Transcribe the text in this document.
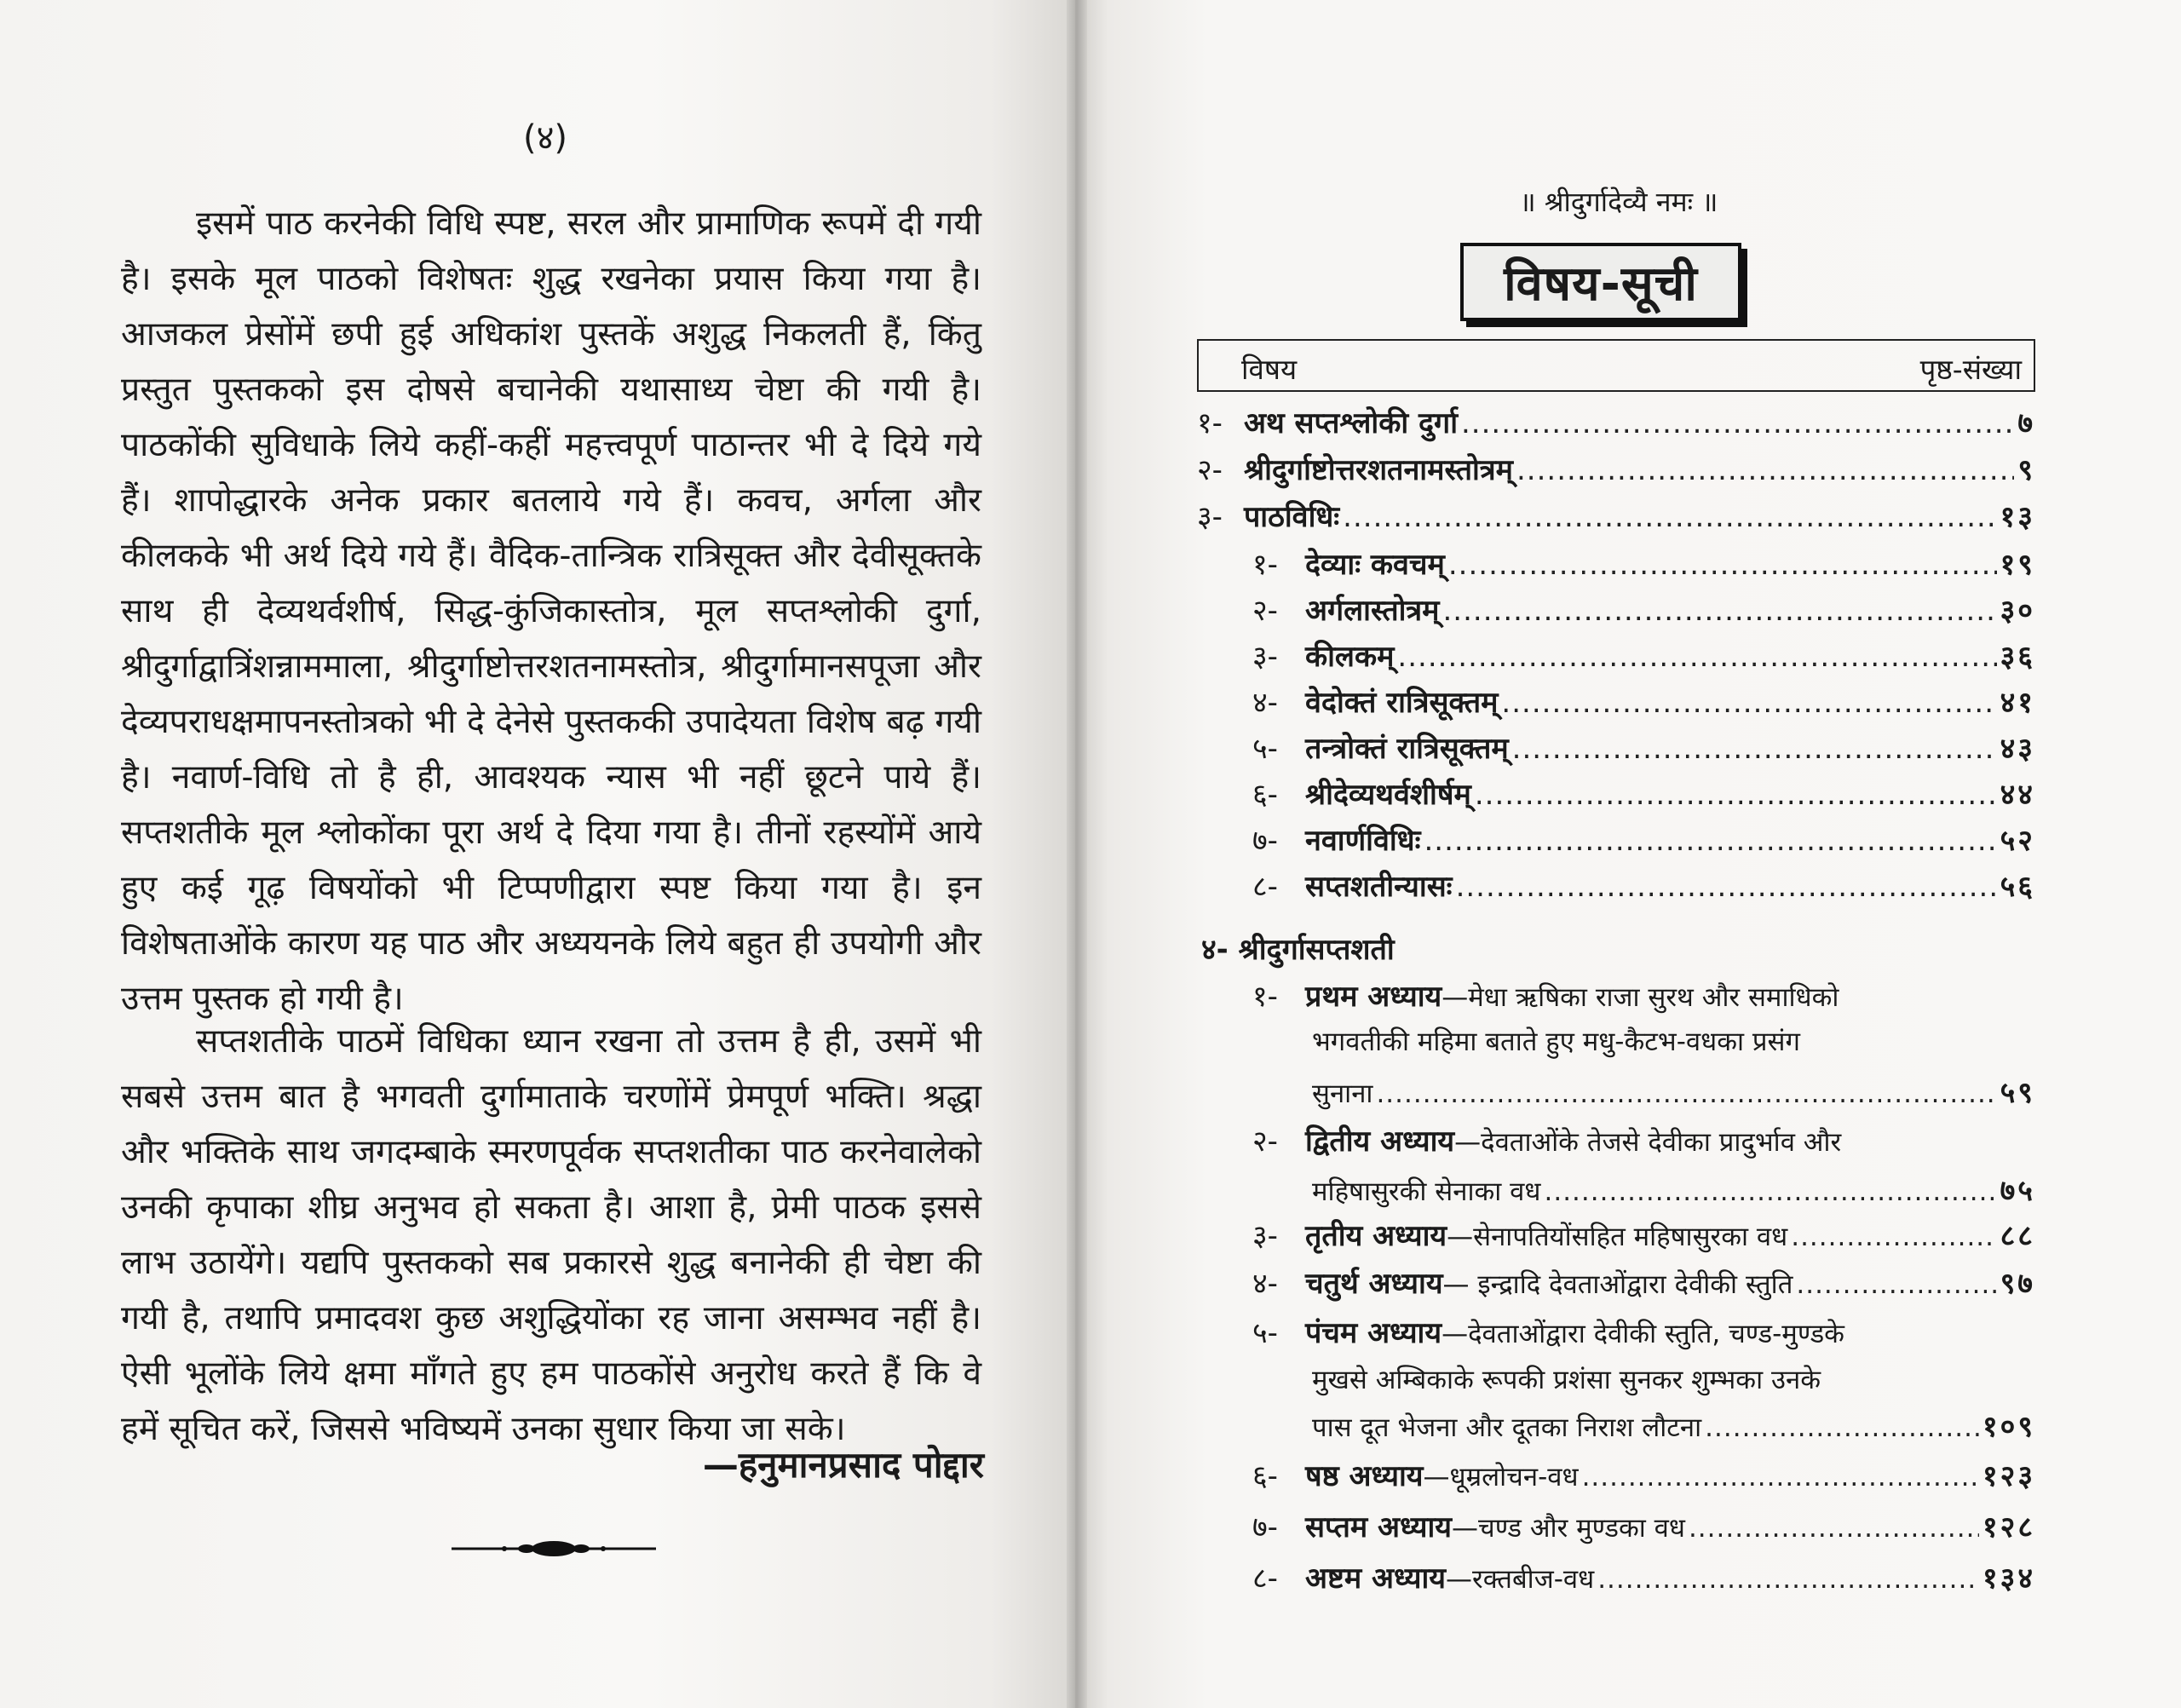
(४)

इसमें पाठ करनेकी विधि स्पष्ट, सरल और प्रामाणिक रूपमें दी गयी है। इसके मूल पाठको विशेषतः शुद्ध रखनेका प्रयास किया गया है। आजकल प्रेसोंमें छपी हुई अधिकांश पुस्तकें अशुद्ध निकलती हैं, किंतु प्रस्तुत पुस्तकको इस दोषसे बचानेकी यथासाध्य चेष्टा की गयी है। पाठकोंकी सुविधाके लिये कहीं-कहीं महत्त्वपूर्ण पाठान्तर भी दे दिये गये हैं। शापोद्धारके अनेक प्रकार बतलाये गये हैं। कवच, अर्गला और कीलकके भी अर्थ दिये गये हैं। वैदिक-तान्त्रिक रात्रिसूक्त और देवीसूक्तके साथ ही देव्यथर्वशीर्ष, सिद्ध-कुंजिकास्तोत्र, मूल सप्तश्लोकी दुर्गा, श्रीदुर्गाद्वात्रिंशन्नाममाला, श्रीदुर्गाष्टोत्तरशतनामस्तोत्र, श्रीदुर्गामानसपूजा और देव्यपराधक्षमापनस्तोत्रको भी दे देनेसे पुस्तककी उपादेयता विशेष बढ़ गयी है। नवार्ण-विधि तो है ही, आवश्यक न्यास भी नहीं छूटने पाये हैं। सप्तशतीके मूल श्लोकोंका पूरा अर्थ दे दिया गया है। तीनों रहस्योंमें आये हुए कई गूढ़ विषयोंको भी टिप्पणीद्वारा स्पष्ट किया गया है। इन विशेषताओंके कारण यह पाठ और अध्ययनके लिये बहुत ही उपयोगी और उत्तम पुस्तक हो गयी है।

सप्तशतीके पाठमें विधिका ध्यान रखना तो उत्तम है ही, उसमें भी सबसे उत्तम बात है भगवती दुर्गामाताके चरणोंमें प्रेमपूर्ण भक्ति। श्रद्धा और भक्तिके साथ जगदम्बाके स्मरणपूर्वक सप्तशतीका पाठ करनेवालेको उनकी कृपाका शीघ्र अनुभव हो सकता है। आशा है, प्रेमी पाठक इससे लाभ उठायेंगे। यद्यपि पुस्तकको सब प्रकारसे शुद्ध बनानेकी ही चेष्टा की गयी है, तथापि प्रमादवश कुछ अशुद्धियोंका रह जाना असम्भव नहीं है। ऐसी भूलोंके लिये क्षमा माँगते हुए हम पाठकोंसे अनुरोध करते हैं कि वे हमें सूचित करें, जिससे भविष्यमें उनका सुधार किया जा सके।

—हनुमानप्रसाद पोद्दार
॥ श्रीदुर्गादेव्यै नमः ॥
विषय-सूची
विषय	पृष्ठ-संख्या
१- अथ सप्तश्लोकी दुर्गा .....	७
२- श्रीदुर्गाष्टोत्तरशतनामस्तोत्रम् .....	९
३- पाठविधिः .....	१३
१- देव्याः कवचम् .....	१९
२- अर्गलास्तोत्रम् .....	३०
३- कीलकम् .....	३६
४- वेदोक्तं रात्रिसूक्तम् .....	४१
५- तन्त्रोक्तं रात्रिसूक्तम् .....	४३
६- श्रीदेव्यथर्वशीर्षम् .....	४४
७- नवार्णविधिः .....	५२
८- सप्तशतीन्यासः .....	५६
४- श्रीदुर्गासप्तशती
१- प्रथम अध्याय—मेधा ऋषिका राजा सुरथ और समाधिको
भगवतीकी महिमा बताते हुए मधु-कैटभ-वधका प्रसंग
सुनाना .....	५९
२- द्वितीय अध्याय—देवताओंके तेजसे देवीका प्रादुर्भाव और
महिषासुरकी सेनाका वध .....	७५
३- तृतीय अध्याय —सेनापतियोंसहित महिषासुरका वध .....	८८
४- चतुर्थ अध्याय — इन्द्रादि देवताओंद्वारा देवीकी स्तुति .....	९७
५- पंचम अध्याय—देवताओंद्वारा देवीकी स्तुति, चण्ड-मुण्डके
मुखसे अम्बिकाके रूपकी प्रशंसा सुनकर शुम्भका उनके
पास दूत भेजना और दूतका निराश लौटना .....	१०९
६- षष्ठ अध्याय —धूम्रलोचन-वध .....	१२३
७- सप्तम अध्याय —चण्ड और मुण्डका वध .....	१२८
८- अष्टम अध्याय —रक्तबीज-वध .....	१३४
